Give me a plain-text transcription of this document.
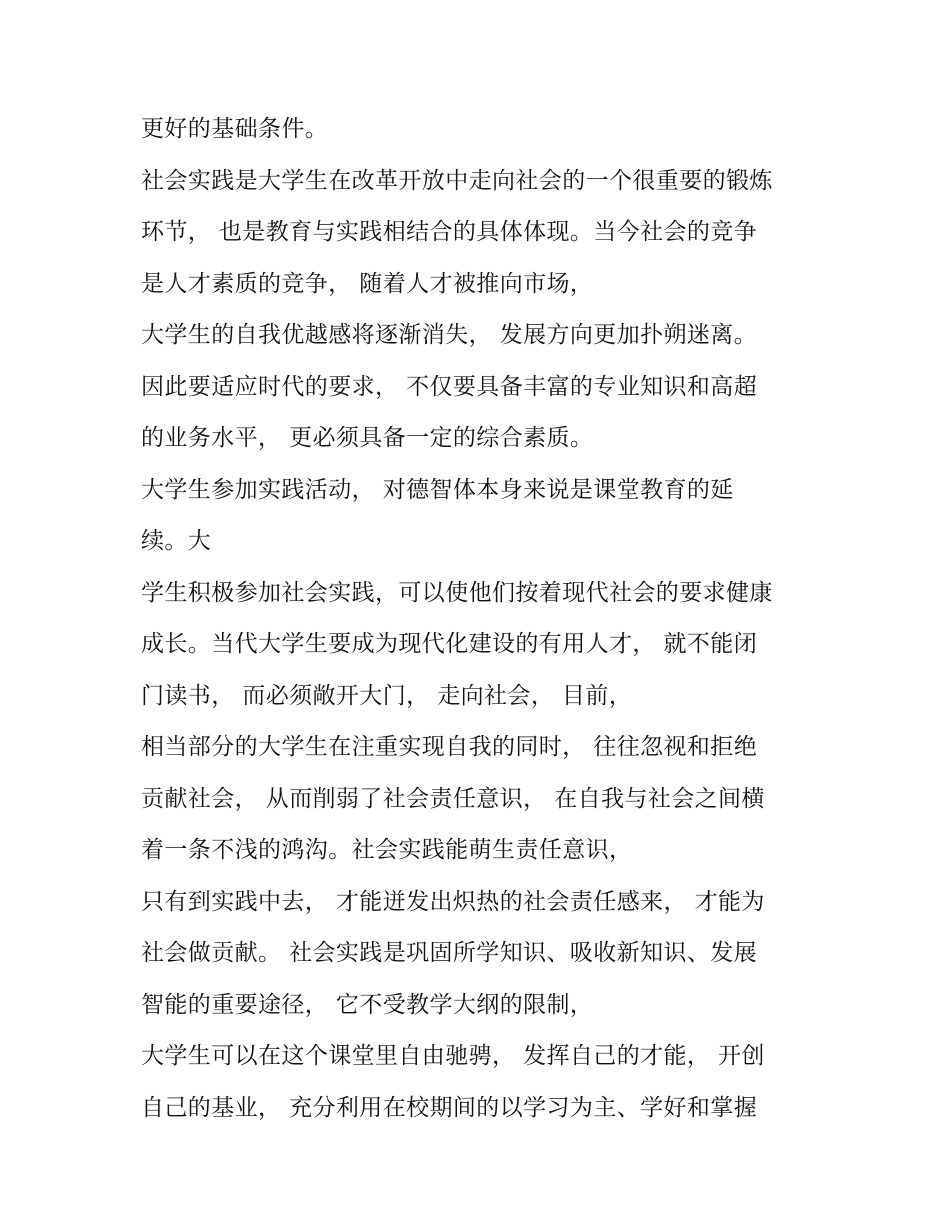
更好的基础条件。
社会实践是大学生在改革开放中走向社会的一个很重要的锻炼
环节， 也是教育与实践相结合的具体体现。当今社会的竞争
是人才素质的竞争， 随着人才被推向市场，
大学生的自我优越感将逐渐消失， 发展方向更加扑朔迷离。
因此要适应时代的要求， 不仅要具备丰富的专业知识和高超
的业务水平， 更必须具备一定的综合素质。
大学生参加实践活动， 对德智体本身来说是课堂教育的延
续。大
学生积极参加社会实践，可以使他们按着现代社会的要求健康
成长。当代大学生要成为现代化建设的有用人才， 就不能闭
门读书， 而必须敞开大门， 走向社会， 目前，
相当部分的大学生在注重实现自我的同时， 往往忽视和拒绝
贡献社会， 从而削弱了社会责任意识， 在自我与社会之间横
着一条不浅的鸿沟。社会实践能萌生责任意识，
只有到实践中去， 才能迸发出炽热的社会责任感来， 才能为
社会做贡献。 社会实践是巩固所学知识、吸收新知识、发展
智能的重要途径， 它不受教学大纲的限制，
大学生可以在这个课堂里自由驰骋， 发挥自己的才能， 开创
自己的基业， 充分利用在校期间的以学习为主、学好和掌握
